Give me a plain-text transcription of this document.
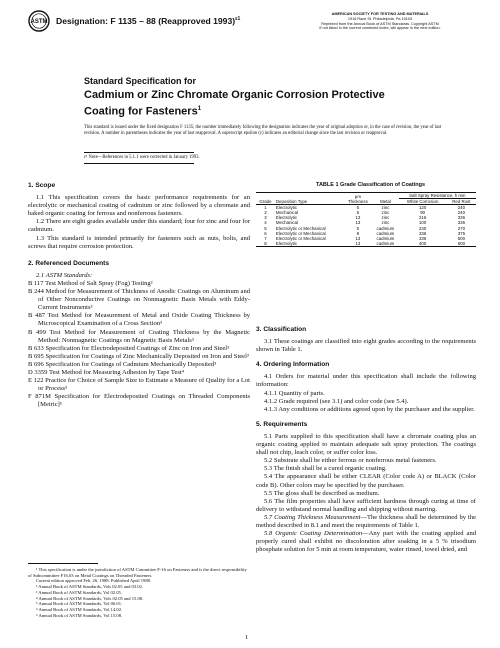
ASTM Designation: F 1135 – 88 (Reapproved 1993)$^{\varepsilon 1}$
AMERICAN SOCIETY FOR TESTING AND MATERIALS
1916 Race St. Philadelphia, Pa 19103
Reprinted from the Annual Book of ASTM Standards. Copyright ASTM
If not listed in the current combined index, will appear in the next edition.
Standard Specification for
Cadmium or Zinc Chromate Organic Corrosion Protective
Coating for Fasteners$^1$
This standard is issued under the fixed designation F 1135; the number immediately following the designation indicates the year of original adoption or, in the case of revision, the year of last revision. A number in parentheses indicates the year of last reapproval. A superscript epsilon (ε) indicates an editorial change since the last revision or reapproval.
ε¹ Note—References in 5.1.1 were corrected in January 1993.

1. Scope

1.1 This specification covers the basic performance requirements for an electrolytic or mechanical coating of cadmium or zinc followed by a chromate and baked organic coating for ferrous and nonferrous fasteners.

1.2 There are eight grades available under this standard; four for zinc and four for cadmium.

1.3 This standard is intended primarily for fasteners such as nuts, bolts, and screws that require corrosion protection.

2. Referenced Documents

2.1 ASTM Standards:

B 117 Test Method of Salt Spray (Fog) Testing²

B 244 Method for Measurement of Thickness of Anodic Coatings on Aluminum and of Other Nonconductive Coatings on Nonmagnetic Basis Metals with Eddy-Current Instruments³

B 487 Test Method for Measurement of Metal and Oxide Coating Thickness by Microscopical Examination of a Cross Section³

B 499 Test Method for Measurement of Coating Thickness by the Magnetic Method: Nonmagnetic Coatings on Magnetic Basis Metals³

B 633 Specification for Electrodeposited Coatings of Zinc on Iron and Steel³

B 695 Specification for Coatings of Zinc Mechanically Deposited on Iron and Steel³

B 696 Specification for Coatings of Cadmium Mechanically Deposited³

D 3359 Test Method for Measuring Adhesion by Tape Test⁴

E 122 Practice for Choice of Sample Size to Estimate a Measure of Quality for a Lot or Process⁵

F 871M Specification for Electrodeposited Coatings on Threaded Components [Metric]⁶

¹ This specification is under the jurisdiction of ASTM Committee F-16 on Fasteners and is the direct responsibility of Subcommittee F16.03 on Metal Coatings on Threaded Fasteners.

Current edition approved Feb. 26, 1988. Published April 1988.

² Annual Book of ASTM Standards, Vols 02.05 and 03.02.

³ Annual Book of ASTM Standards, Vol 02.05.

⁴ Annual Book of ASTM Standards, Vols 02.05 and 15.08.

⁵ Annual Book of ASTM Standards, Vol 06.01.

⁶ Annual Book of ASTM Standards, Vol 14.02.

⁶ Annual Book of ASTM Standards, Vol 15.08.

TABLE 1 Grade Classification of Coatings
Grade	Deposition Type	μm
Thickness	Metal	Salt Spray Resistance, h min	
				White Corrosion	Red Rust
1	Electrolytic	5	zinc	120	240
2	Mechanical	5	zinc	90	240
3	Electrolytic	13	zinc	216	336
4	Mechanical	13	zinc	100	336
5	Electrolytic or Mechanical	5	cadmium	240	270
6	Electrolytic or Mechanical	8	cadmium	336	375
7	Electrolytic or Mechanical	13	cadmium	336	500
8	Electrolytic	13	cadmium	400	600

3. Classification

3.1 These coatings are classified into eight grades according to the requirements shown in Table 1.

4. Ordering Information

4.1 Orders for material under this specification shall include the following information:

4.1.1 Quantity of parts.

4.1.2 Grade required (see 3.1) and color code (see 5.4).

4.1.3 Any conditions or additions agreed upon by the purchaser and the supplier.

5. Requirements

5.1 Parts supplied to this specification shall have a chromate coating plus an organic coating applied to maintain adequate salt spray protection. The coatings shall not chip, leach color, or suffer color loss.

5.2 Substrate shall be either ferrous or nonferrous metal fasteners.

5.3 The finish shall be a cured organic coating.

5.4 The appearance shall be either CLEAR (Color code A) or BLACK (Color code B). Other colors may be specified by the purchaser.

5.5 The gloss shall be described as medium.

5.6 The film properties shall have sufficient hardness through curing at time of delivery to withstand normal handling and shipping without marring.

5.7 Coating Thickness Measurement—The thickness shall be determined by the method described in 8.1 and meet the requirements of Table 1.

5.8 Organic Coating Determination—Any part with the coating applied and properly cured shall exhibit no discoloration after soaking in a 5 % trisodium phosphate solution for 5 min at room temperature, water rinsed, towel dried, and

1
